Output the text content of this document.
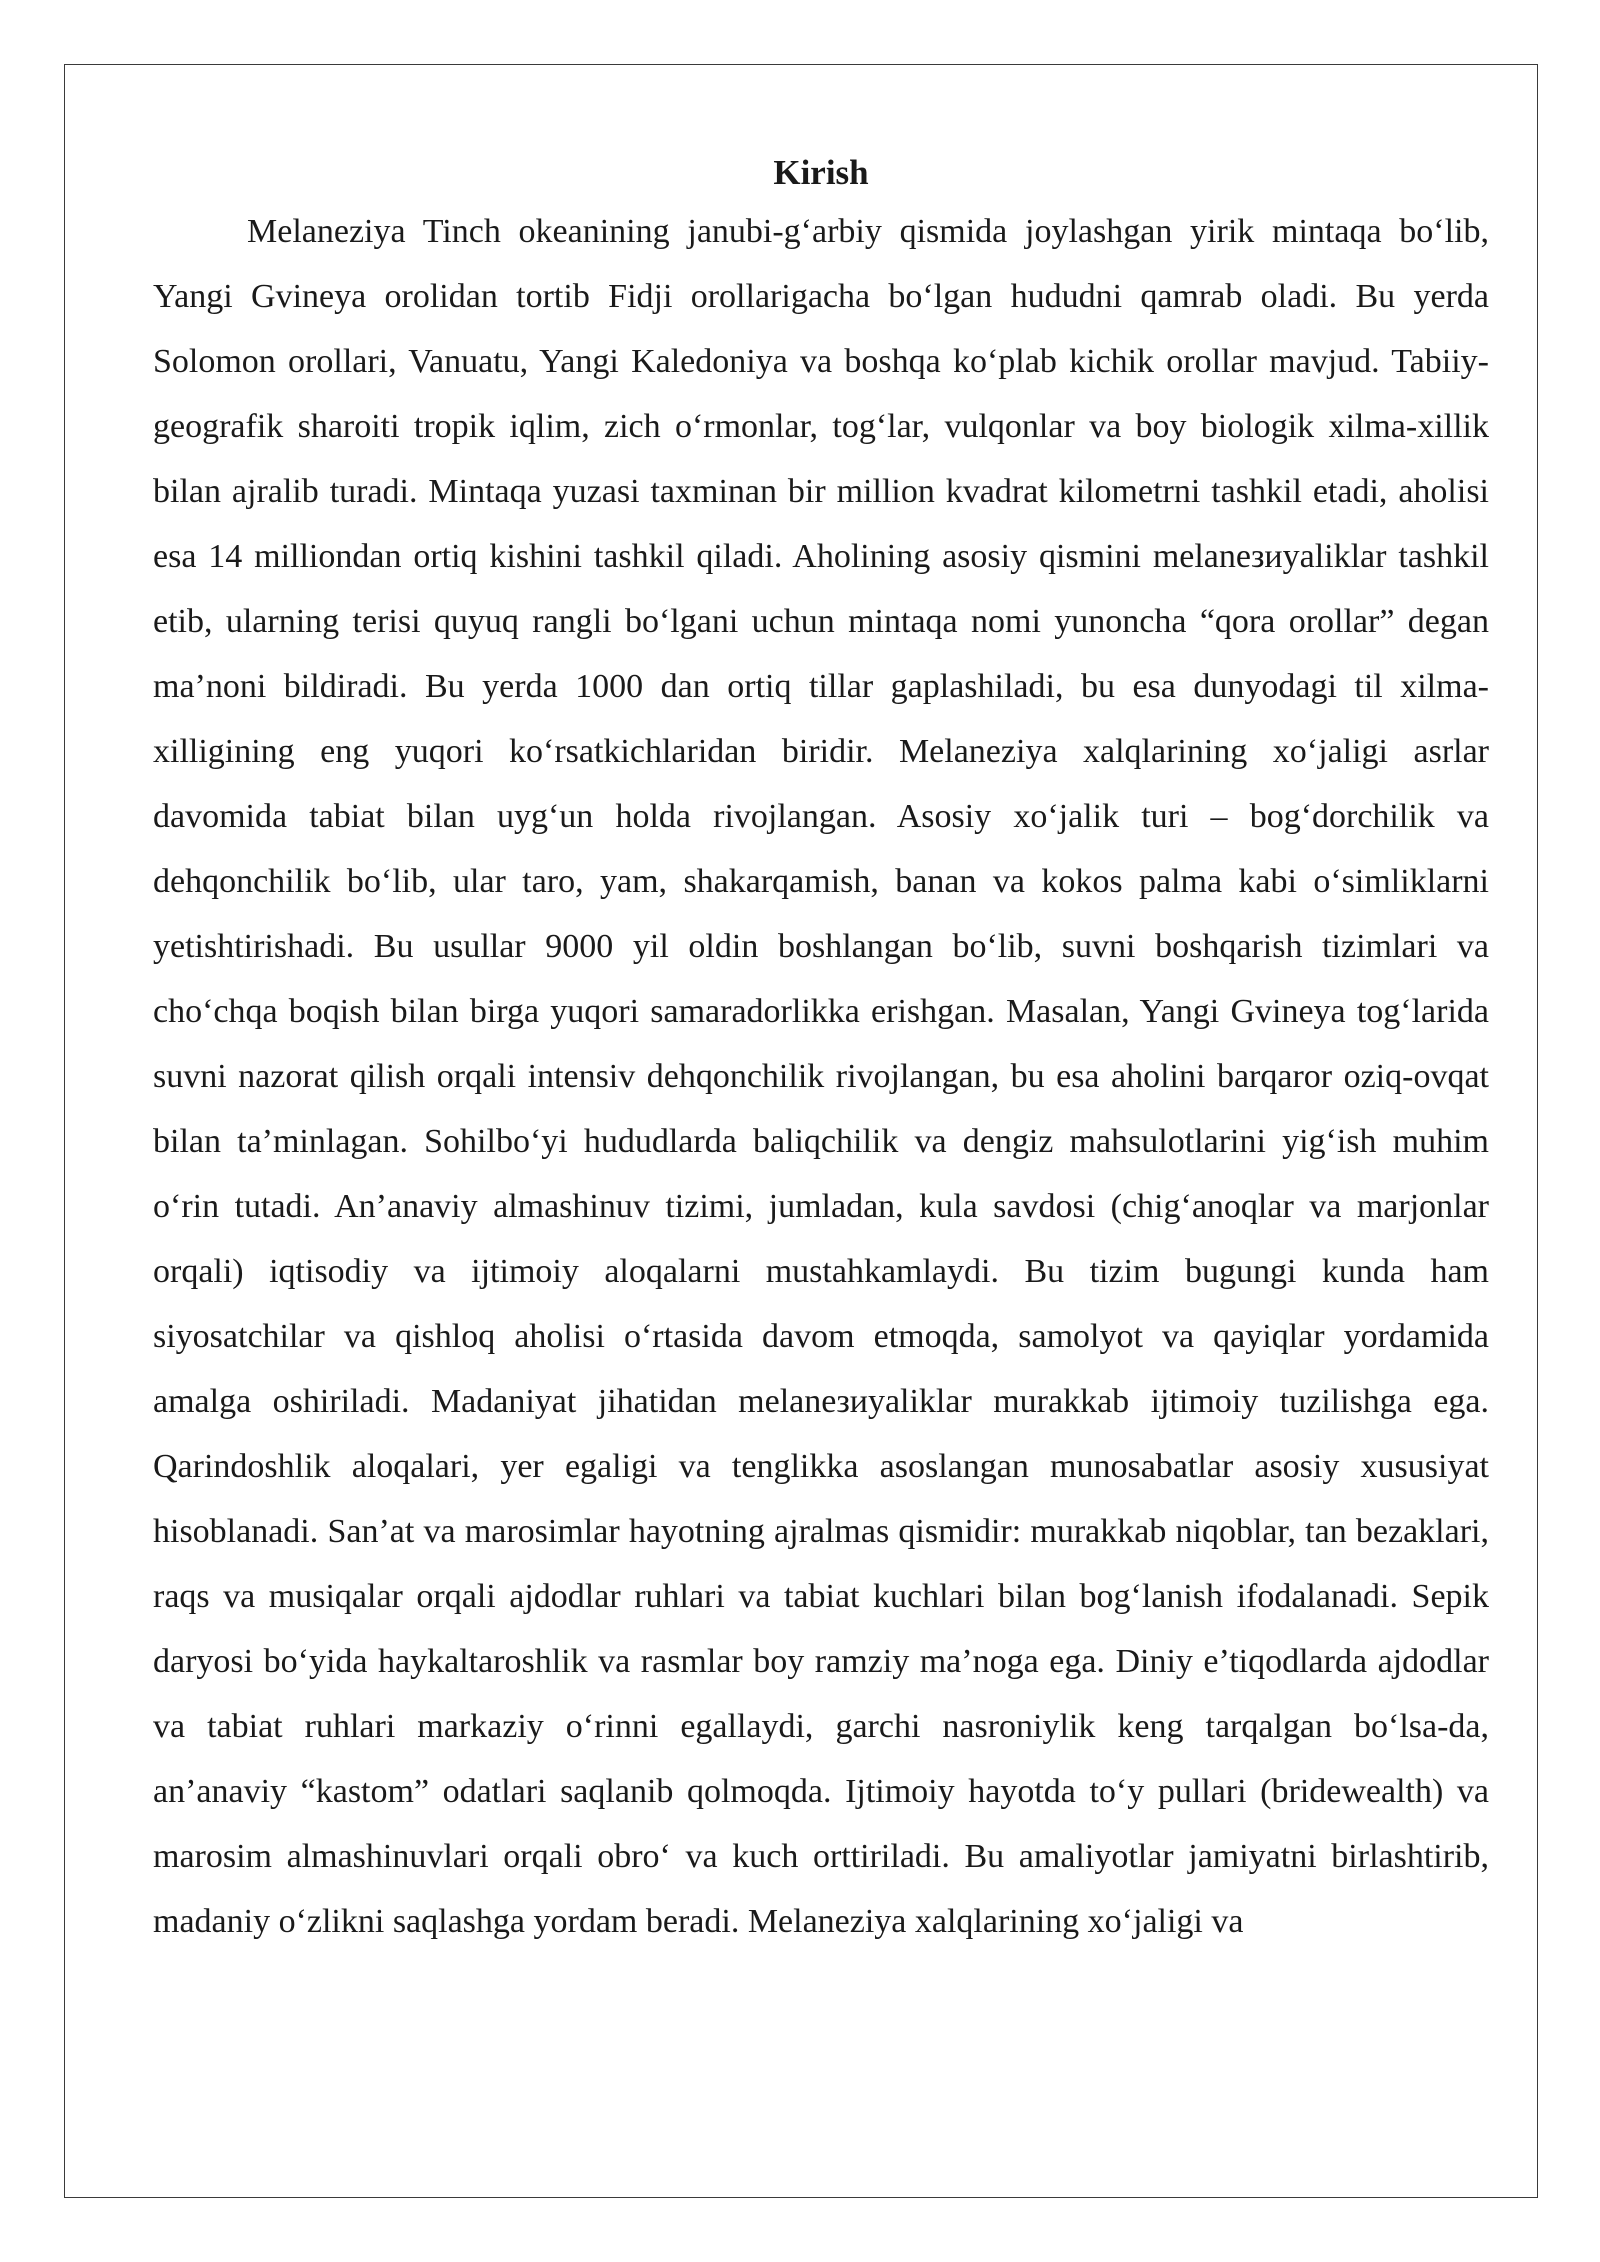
Kirish

Melaneziya Tinch okeanining janubi-g‘arbiy qismida joylashgan yirik mintaqa bo‘lib, Yangi Gvineya orolidan tortib Fidji orollarigacha bo‘lgan hududni qamrab oladi. Bu yerda Solomon orollari, Vanuatu, Yangi Kaledoniya va boshqa ko‘plab kichik orollar mavjud. Tabiiy-geografik sharoiti tropik iqlim, zich o‘rmonlar, tog‘lar, vulqonlar va boy biologik xilma-xillik bilan ajralib turadi. Mintaqa yuzasi taxminan bir million kvadrat kilometrni tashkil etadi, aholisi esa 14 milliondan ortiq kishini tashkil qiladi. Aholining asosiy qismini melaneзиyaliklar tashkil etib, ularning terisi quyuq rangli bo‘lgani uchun mintaqa nomi yunoncha “qora orollar” degan ma’noni bildiradi. Bu yerda 1000 dan ortiq tillar gaplashiladi, bu esa dunyodagi til xilma-xilligining eng yuqori ko‘rsatkichlaridan biridir. Melaneziya xalqlarining xo‘jaligi asrlar davomida tabiat bilan uyg‘un holda rivojlangan. Asosiy xo‘jalik turi – bog‘dorchilik va dehqonchilik bo‘lib, ular taro, yam, shakarqamish, banan va kokos palma kabi o‘simliklarni yetishtirishadi. Bu usullar 9000 yil oldin boshlangan bo‘lib, suvni boshqarish tizimlari va cho‘chqa boqish bilan birga yuqori samaradorlikka erishgan. Masalan, Yangi Gvineya tog‘larida suvni nazorat qilish orqali intensiv dehqonchilik rivojlangan, bu esa aholini barqaror oziq-ovqat bilan ta’minlagan. Sohilbo‘yi hududlarda baliqchilik va dengiz mahsulotlarini yig‘ish muhim o‘rin tutadi. An’anaviy almashinuv tizimi, jumladan, kula savdosi (chig‘anoqlar va marjonlar orqali) iqtisodiy va ijtimoiy aloqalarni mustahkamlaydi. Bu tizim bugungi kunda ham siyosatchilar va qishloq aholisi o‘rtasida davom etmoqda, samolyot va qayiqlar yordamida amalga oshiriladi. Madaniyat jihatidan melaneзиyaliklar murakkab ijtimoiy tuzilishga ega. Qarindoshlik aloqalari, yer egaligi va tenglikka asoslangan munosabatlar asosiy xususiyat hisoblanadi. San’at va marosimlar hayotning ajralmas qismidir: murakkab niqoblar, tan bezaklari, raqs va musiqalar orqali ajdodlar ruhlari va tabiat kuchlari bilan bog‘lanish ifodalanadi. Sepik daryosi bo‘yida haykaltaroshlik va rasmlar boy ramziy ma’noga ega. Diniy e’tiqodlarda ajdodlar va tabiat ruhlari markaziy o‘rinni egallaydi, garchi nasroniylik keng tarqalgan bo‘lsa-da, an’anaviy “kastom” odatlari saqlanib qolmoqda. Ijtimoiy hayotda to‘y pullari (bridewealth) va marosim almashinuvlari orqali obro‘ va kuch orttiriladi. Bu amaliyotlar jamiyatni birlashtirib, madaniy o‘zlikni saqlashga yordam beradi. Melaneziya xalqlarining xo‘jaligi va
